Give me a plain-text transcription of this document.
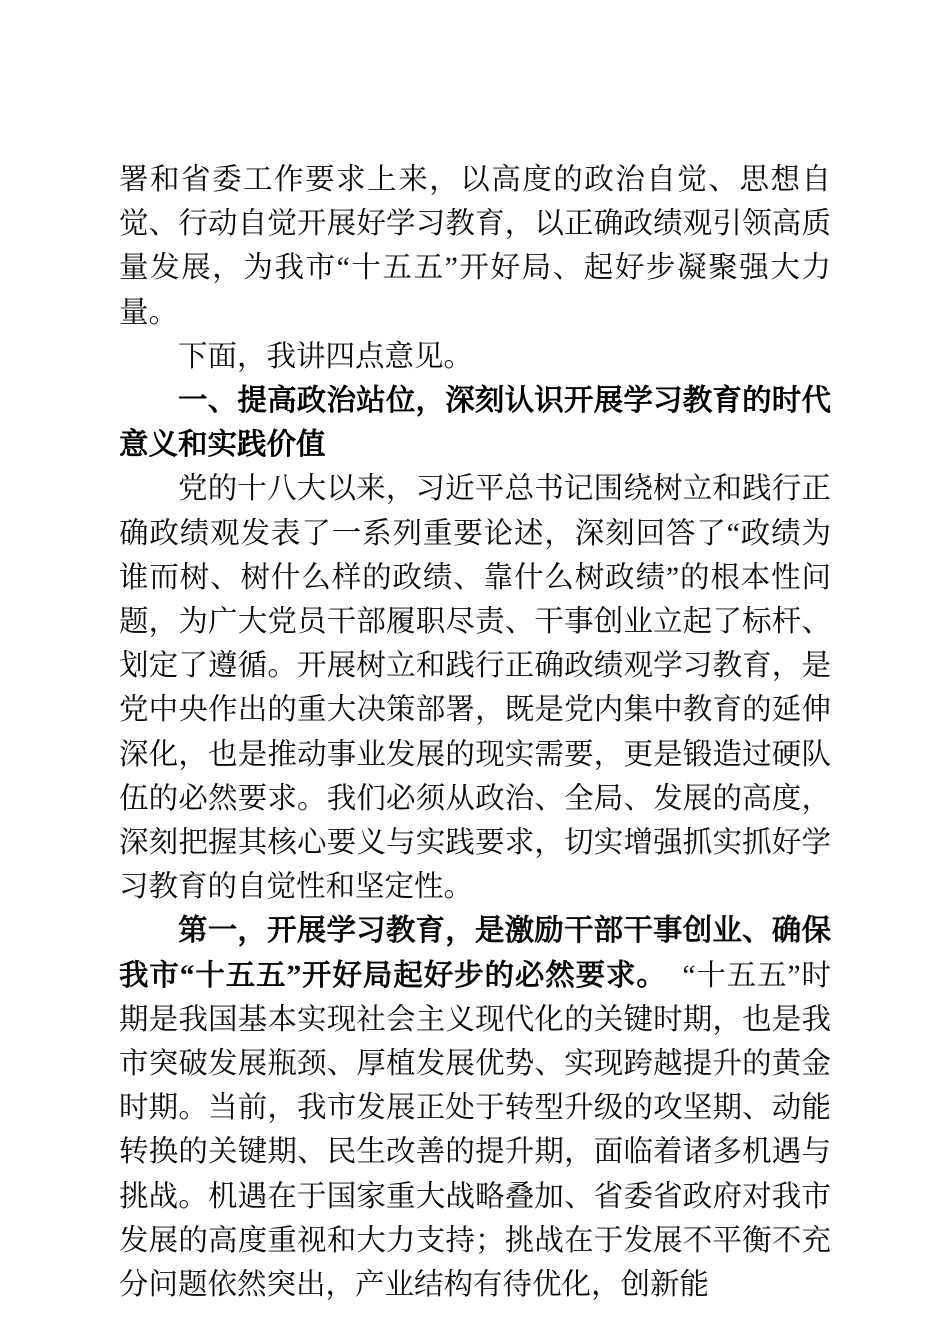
署和省委工作要求上来，以高度的政治自觉、思想自觉、行动自觉开展好学习教育，以正确政绩观引领高质量发展，为我市“十五五”开好局、起好步凝聚强大力量。

下面，我讲四点意见。

一、提高政治站位，深刻认识开展学习教育的时代意义和实践价值

党的十八大以来，习近平总书记围绕树立和践行正确政绩观发表了一系列重要论述，深刻回答了“政绩为谁而树、树什么样的政绩、靠什么树政绩”的根本性问题，为广大党员干部履职尽责、干事创业立起了标杆、划定了遵循。开展树立和践行正确政绩观学习教育，是党中央作出的重大决策部署，既是党内集中教育的延伸深化，也是推动事业发展的现实需要，更是锻造过硬队伍的必然要求。我们必须从政治、全局、发展的高度，深刻把握其核心要义与实践要求，切实增强抓实抓好学习教育的自觉性和坚定性。

第一，开展学习教育，是激励干部干事创业、确保我市“十五五”开好局起好步的必然要求。　“十五五”时期是我国基本实现社会主义现代化的关键时期，也是我市突破发展瓶颈、厚植发展优势、实现跨越提升的黄金时期。当前，我市发展正处于转型升级的攻坚期、动能转换的关键期、民生改善的提升期，面临着诸多机遇与挑战。机遇在于国家重大战略叠加、省委省政府对我市发展的高度重视和大力支持；挑战在于发展不平衡不充分问题依然突出，产业结构有待优化，创新能
